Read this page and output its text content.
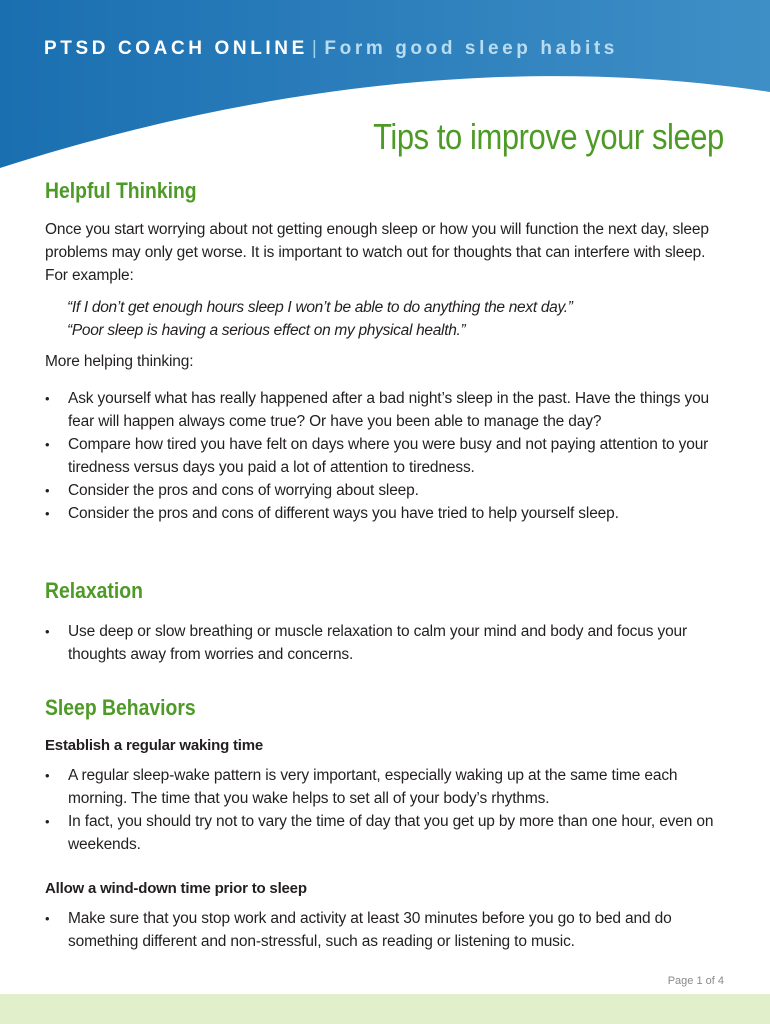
PTSD COACH ONLINE | Form good sleep habits
Tips to improve your sleep
Helpful Thinking

Once you start worrying about not getting enough sleep or how you will function the next day, sleep problems may only get worse. It is important to watch out for thoughts that can interfere with sleep. For example:

“If I don’t get enough hours sleep I won’t be able to do anything the next day.”
“Poor sleep is having a serious effect on my physical health.”

More helping thinking:

• Ask yourself what has really happened after a bad night’s sleep in the past. Have the things you fear will happen always come true? Or have you been able to manage the day?
• Compare how tired you have felt on days where you were busy and not paying attention to your tiredness versus days you paid a lot of attention to tiredness.
• Consider the pros and cons of worrying about sleep.
• Consider the pros and cons of different ways you have tried to help yourself sleep.
Relaxation
• Use deep or slow breathing or muscle relaxation to calm your mind and body and focus your thoughts away from worries and concerns.
Sleep Behaviors
Establish a regular waking time
• A regular sleep-wake pattern is very important, especially waking up at the same time each morning. The time that you wake helps to set all of your body’s rhythms.
• In fact, you should try not to vary the time of day that you get up by more than one hour, even on weekends.
Allow a wind-down time prior to sleep
• Make sure that you stop work and activity at least 30 minutes before you go to bed and do something different and non-stressful, such as reading or listening to music.
Page 1 of 4
